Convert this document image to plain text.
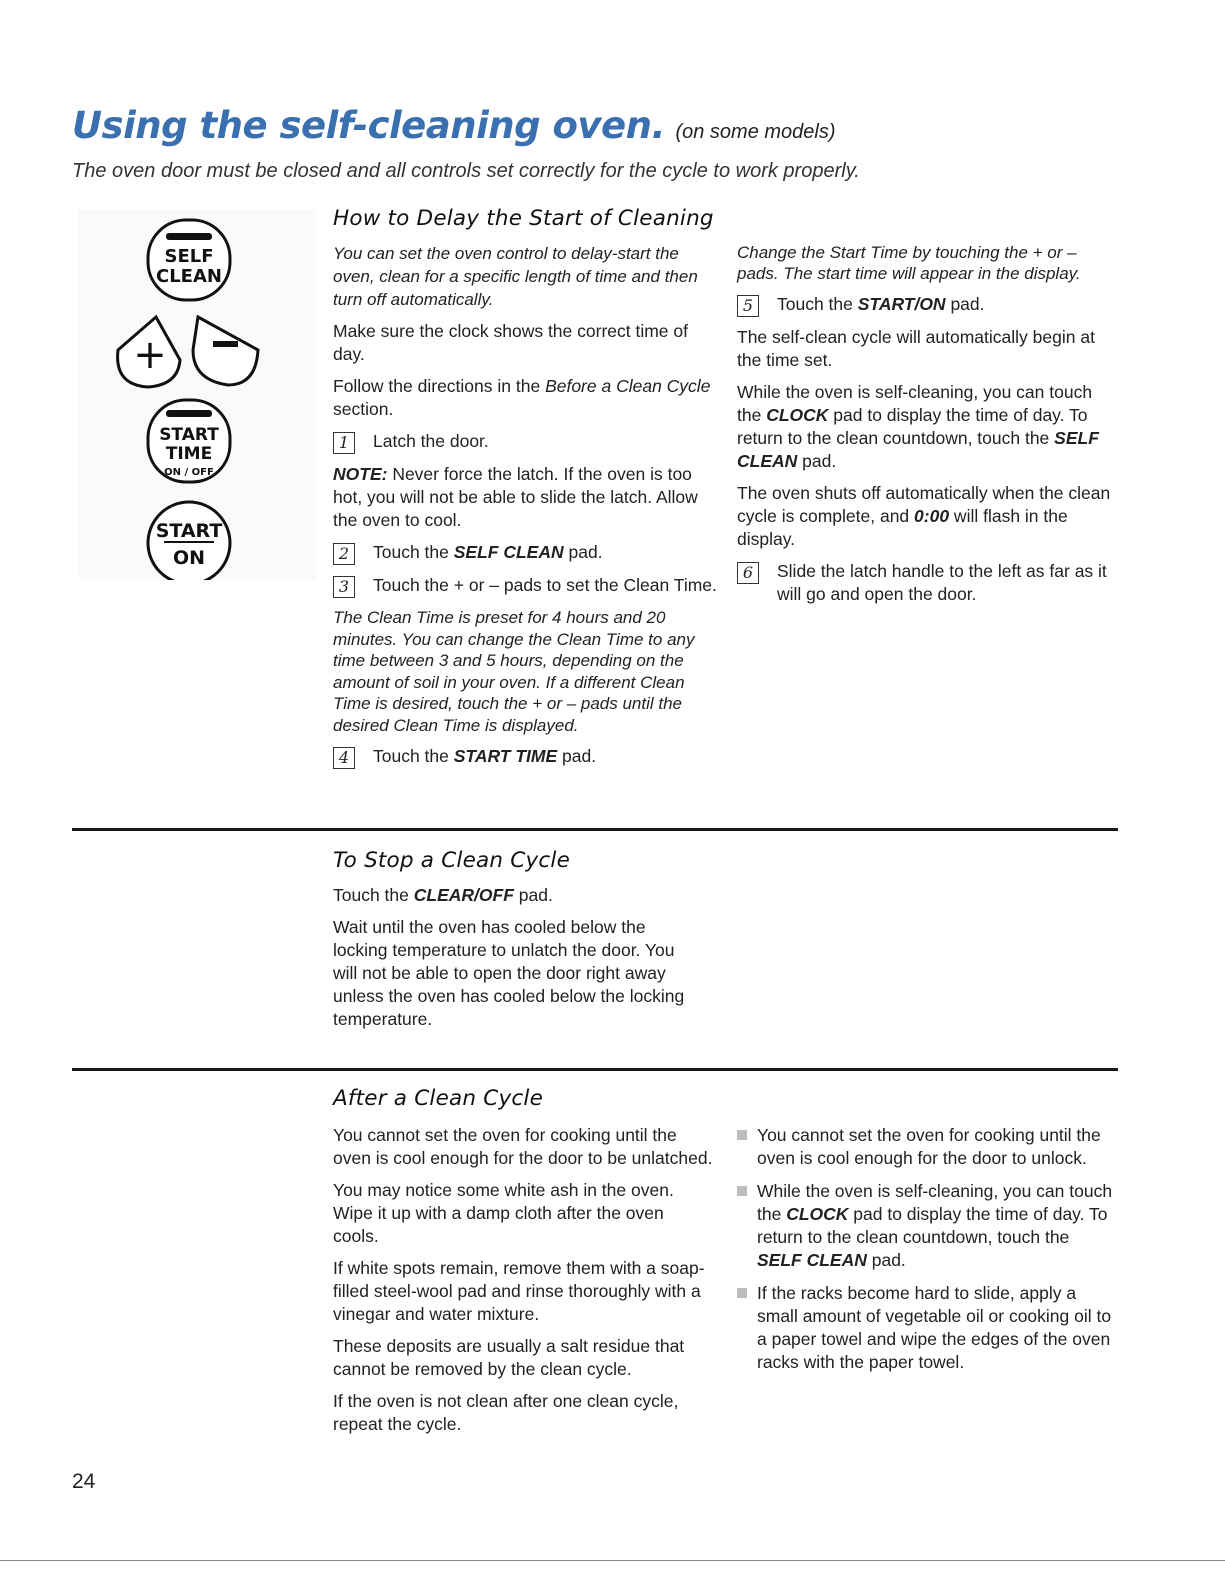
Using the self-cleaning oven. (on some models)
The oven door must be closed and all controls set correctly for the cycle to work properly.
SELF
CLEAN
+
START
TIME
ON / OFF
START
ON
How to Delay the Start of Cleaning

You can set the oven control to delay-start the oven, clean for a specific length of time and then turn off automatically.

Make sure the clock shows the correct time of day.

Follow the directions in the Before a Clean Cycle section.

1	Latch the door.

NOTE: Never force the latch. If the oven is too hot, you will not be able to slide the latch. Allow the oven to cool.

2	Touch the SELF CLEAN pad.
3	Touch the + or – pads to set the Clean Time.

The Clean Time is preset for 4 hours and 20 minutes. You can change the Clean Time to any time between 3 and 5 hours, depending on the amount of soil in your oven. If a different Clean Time is desired, touch the + or – pads until the desired Clean Time is displayed.

4	Touch the START TIME pad.

Change the Start Time by touching the + or – pads. The start time will appear in the display.

5	Touch the START/ON pad.

The self-clean cycle will automatically begin at the time set.

While the oven is self-cleaning, you can touch the CLOCK pad to display the time of day. To return to the clean countdown, touch the SELF CLEAN pad.

The oven shuts off automatically when the clean cycle is complete, and 0:00 will flash in the display.

6	Slide the latch handle to the left as far as it will go and open the door.
To Stop a Clean Cycle

Touch the CLEAR/OFF pad.

Wait until the oven has cooled below the locking temperature to unlatch the door. You will not be able to open the door right away unless the oven has cooled below the locking temperature.

After a Clean Cycle

You cannot set the oven for cooking until the oven is cool enough for the door to be unlatched.

You may notice some white ash in the oven. Wipe it up with a damp cloth after the oven cools.

If white spots remain, remove them with a soap-filled steel-wool pad and rinse thoroughly with a vinegar and water mixture.

These deposits are usually a salt residue that cannot be removed by the clean cycle.

If the oven is not clean after one clean cycle, repeat the cycle.

You cannot set the oven for cooking until the oven is cool enough for the door to unlock.
While the oven is self-cleaning, you can touch the CLOCK pad to display the time of day. To return to the clean countdown, touch the SELF CLEAN pad.
If the racks become hard to slide, apply a small amount of vegetable oil or cooking oil to a paper towel and wipe the edges of the oven racks with the paper towel.
24
